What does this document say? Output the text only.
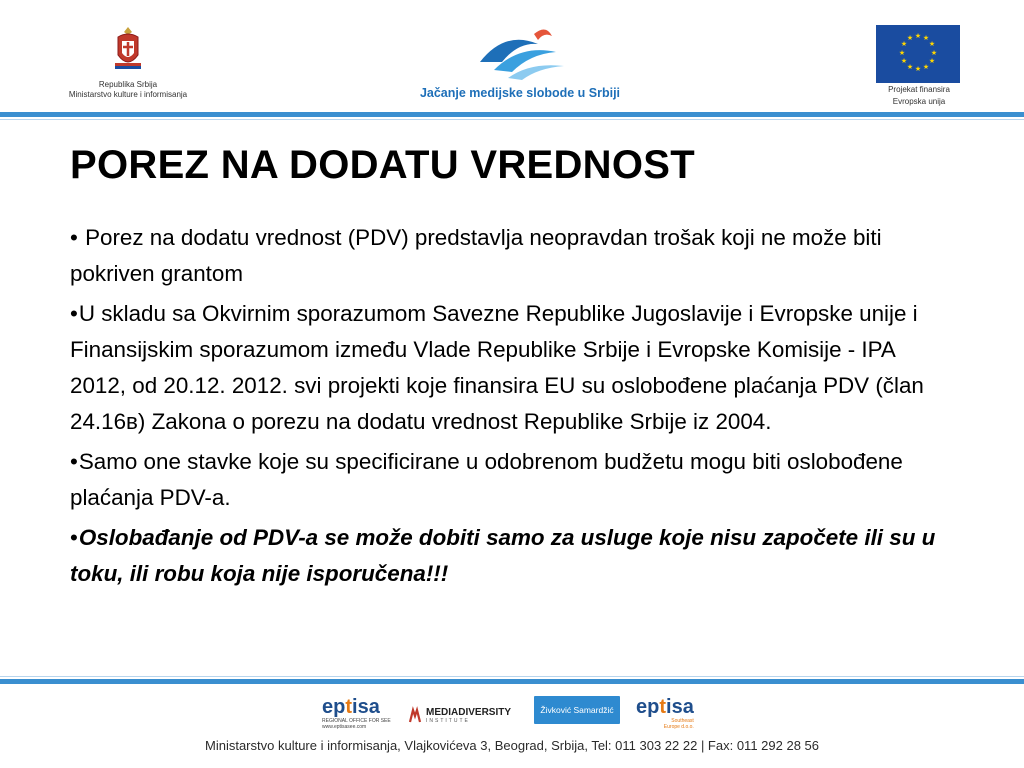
Republika Srbija
Ministarstvo kulture i informisanja	Jačanje medijske slobode u Srbiji
★ ★
★
★
★
★
★
★
★
★
★
★
Projekat finansira
Evropska unija
POREZ NA DODATU VREDNOST

• Porez na dodatu vrednost (PDV) predstavlja neopravdan trošak koji ne može biti pokriven grantom

•U skladu sa Okvirnim sporazumom Savezne Republike Jugoslavije i Evropske unije i Finansijskim sporazumom između Vlade Republike Srbije i Evropske Komisije - IPA 2012, od 20.12. 2012. svi projekti koje finansira EU su oslobođene plaćanja PDV (član 24.16в) Zakona o porezu na dodatu vrednost Republike Srbije iz 2004.

•Samo one stavke koje su specificirane u odobrenom budžetu mogu biti oslobođene plaćanja PDV-a.

•Oslobađanje od PDV-a se može dobiti samo za usluge koje nisu započete ili su u toku, ili robu koja nije isporučena!!!

eptisa
REGIONAL OFFICE FOR SEE
www.eptisasee.com
MEDIADIVERSITY
INSTITUTE
Živković Samardžić	eptisa
Southeast
Europe d.o.o.
Ministarstvo kulture i informisanja, Vlajkovićeva 3, Beograd, Srbija, Tel: 011 303 22 22 | Fax: 011 292 28 56
